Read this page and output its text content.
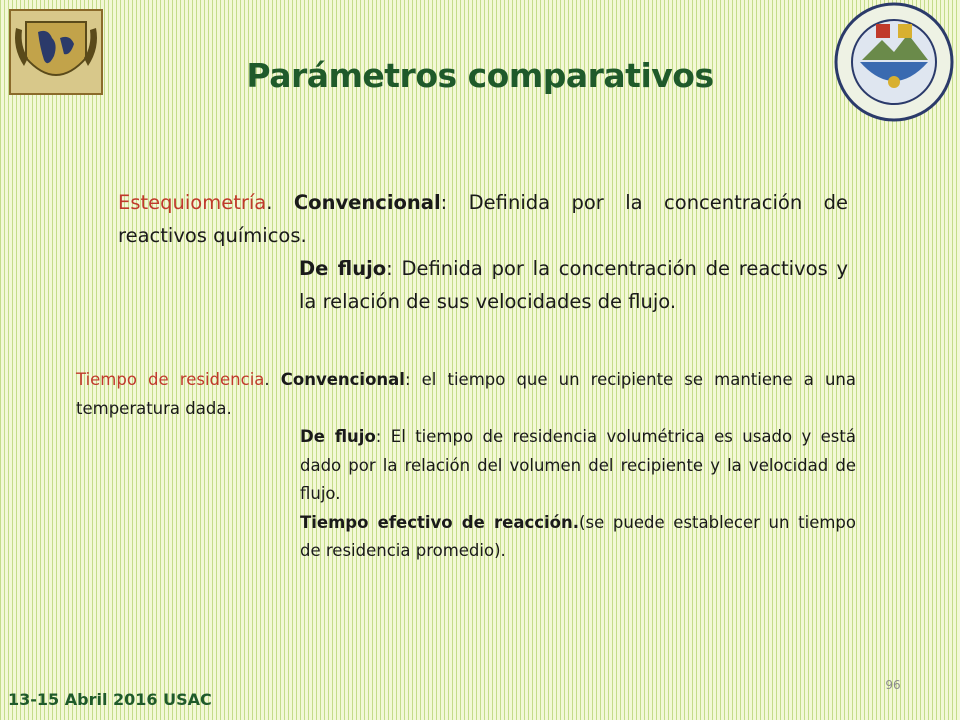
Parámetros comparativos

Estequiometría. Convencional: Definida por la concentración de reactivos químicos.

De flujo: Definida por la concentración de reactivos y la relación de sus velocidades de flujo.

Tiempo de residencia. Convencional: el tiempo que un recipiente se mantiene a una temperatura dada.

De flujo: El tiempo de residencia volumétrica es usado y está dado por la relación del volumen del recipiente y la velocidad de flujo.

Tiempo efectivo de reacción.(se puede establecer un tiempo de residencia promedio).

96
13-15 Abril 2016 USAC
